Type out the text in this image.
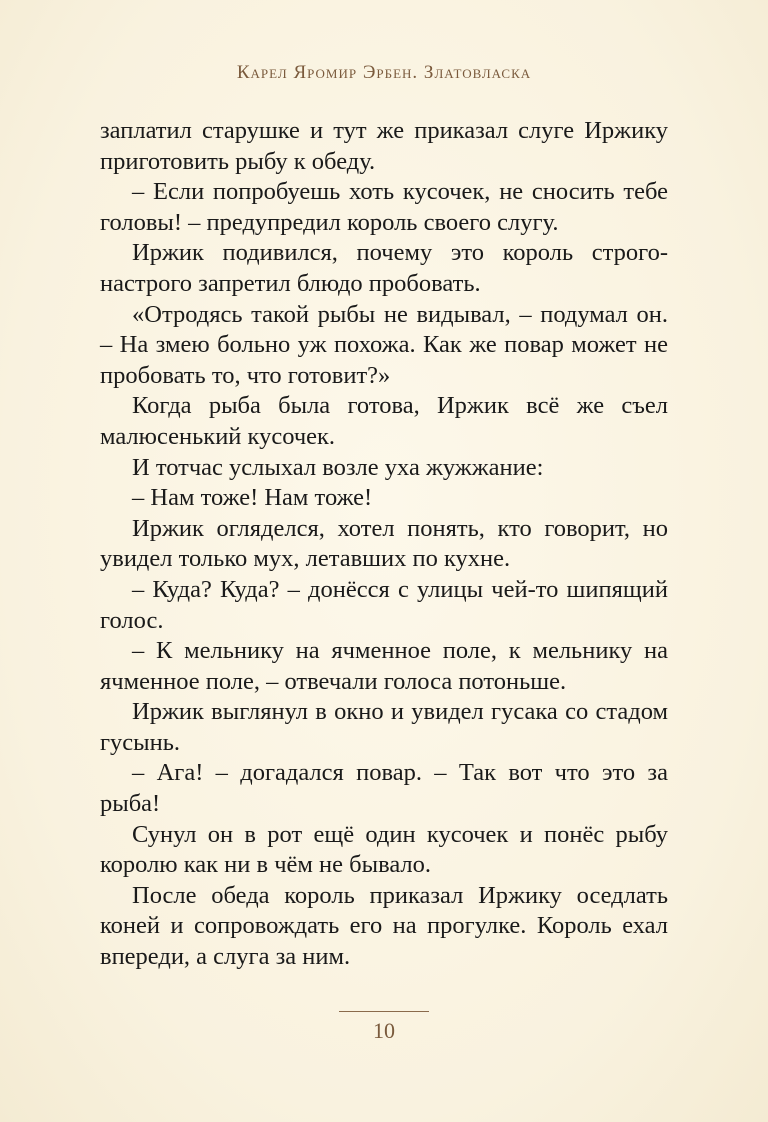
Карел Яромир Эрбен. Златовласка

заплатил старушке и тут же приказал слуге Иржику приготовить рыбу к обеду.

– Если попробуешь хоть кусочек, не сносить тебе головы! – предупредил король своего слугу.

Иржик подивился, почему это король строго-настрого запретил блюдо пробовать.

«Отродясь такой рыбы не видывал, – подумал он. – На змею больно уж похожа. Как же повар может не пробовать то, что готовит?»

Когда рыба была готова, Иржик всё же съел малюсенький кусочек.

И тотчас услыхал возле уха жужжание:

– Нам тоже! Нам тоже!

Иржик огляделся, хотел понять, кто говорит, но увидел только мух, летавших по кухне.

– Куда? Куда? – донёсся с улицы чей-то шипящий голос.

– К мельнику на ячменное поле, к мельнику на ячменное поле, – отвечали голоса потоньше.

Иржик выглянул в окно и увидел гусака со стадом гусынь.

– Ага! – догадался повар. – Так вот что это за рыба!

Сунул он в рот ещё один кусочек и понёс рыбу королю как ни в чём не бывало.

После обеда король приказал Иржику оседлать коней и сопровождать его на прогулке. Король ехал впереди, а слуга за ним.

10
